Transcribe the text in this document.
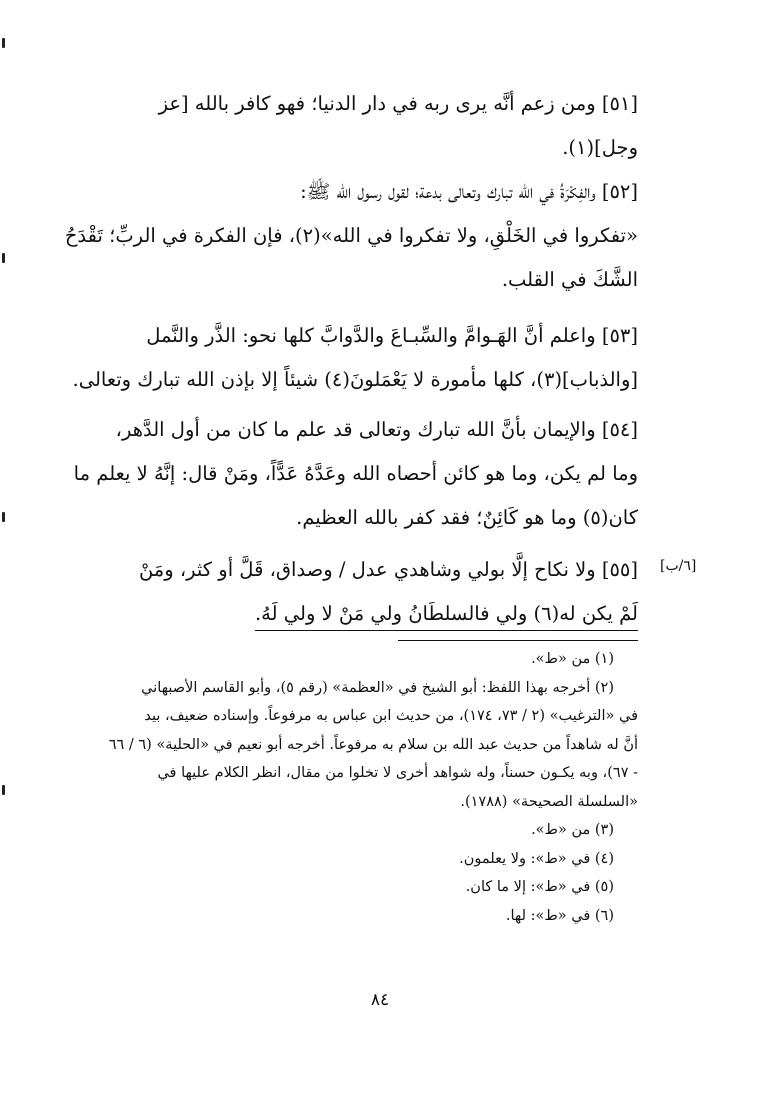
[٥١] ومن زعم أنَّه يرى ربه في دار الدنيا؛ فهو كافر بالله [عز
وجل](١).
[٥٢] والفِكْرَةُ في الله تبارك وتعالى بدعة؛ لقول رسول الله ﷺ:
«تفكروا في الخَلْقِ، ولا تفكروا في الله»(٢)، فإن الفكرة في الربِّ؛ تَقْدَحُ
الشَّكَ في القلب.
[٥٣] واعلم أنَّ الهَـوامَّ والسِّبـاعَ والدَّوابَّ كلها نحو: الذَّر والنَّمل
[والذباب](٣)، كلها مأمورة لا يَعْمَلونَ(٤) شيئاً إلا بإذن الله تبارك وتعالى.
[٥٤] والإيمان بأنَّ الله تبارك وتعالى قد علم ما كان من أول الدَّهر،
وما لم يكن، وما هو كائن أحصاه الله وعَدَّهُ عَدًّاً، ومَنْ قال: إنَّهُ لا يعلم ما
كان(٥) وما هو كَائِنٌ؛ فقد كفر بالله العظيم.
[٥٥] ولا نكاح إلَّا بولي وشاهدي عدل / وصداق، قَلَّ أو كثر، ومَنْ
لَمْ يكن له(٦) ولي فالسلطَانُ ولي مَنْ لا ولي لَهُ.
[٦/ب]
(١) من «ط».
(٢) أخرجه بهذا اللفظ: أبو الشيخ في «العظمة» (رقم ٥)، وأبو القاسم الأصبهاني
في «الترغيب» (٢ / ٧٣، ١٧٤)، من حديث ابن عباس به مرفوعاً. وإسناده ضعيف، بيد
أنَّ له شاهداً من حديث عبد الله بن سلام به مرفوعاً. أخرجه أبو نعيم في «الحلية» (٦ / ٦٦
- ٦٧)، وبه يكـون حسناً، وله شواهد أخرى لا تخلوا من مقال، انظر الكلام عليها في
«السلسلة الصحيحة» (١٧٨٨).
(٣) من «ط».
(٤) في «ط»: ولا يعلمون.
(٥) في «ط»: إلا ما كان.
(٦) في «ط»: لها.
٨٤
